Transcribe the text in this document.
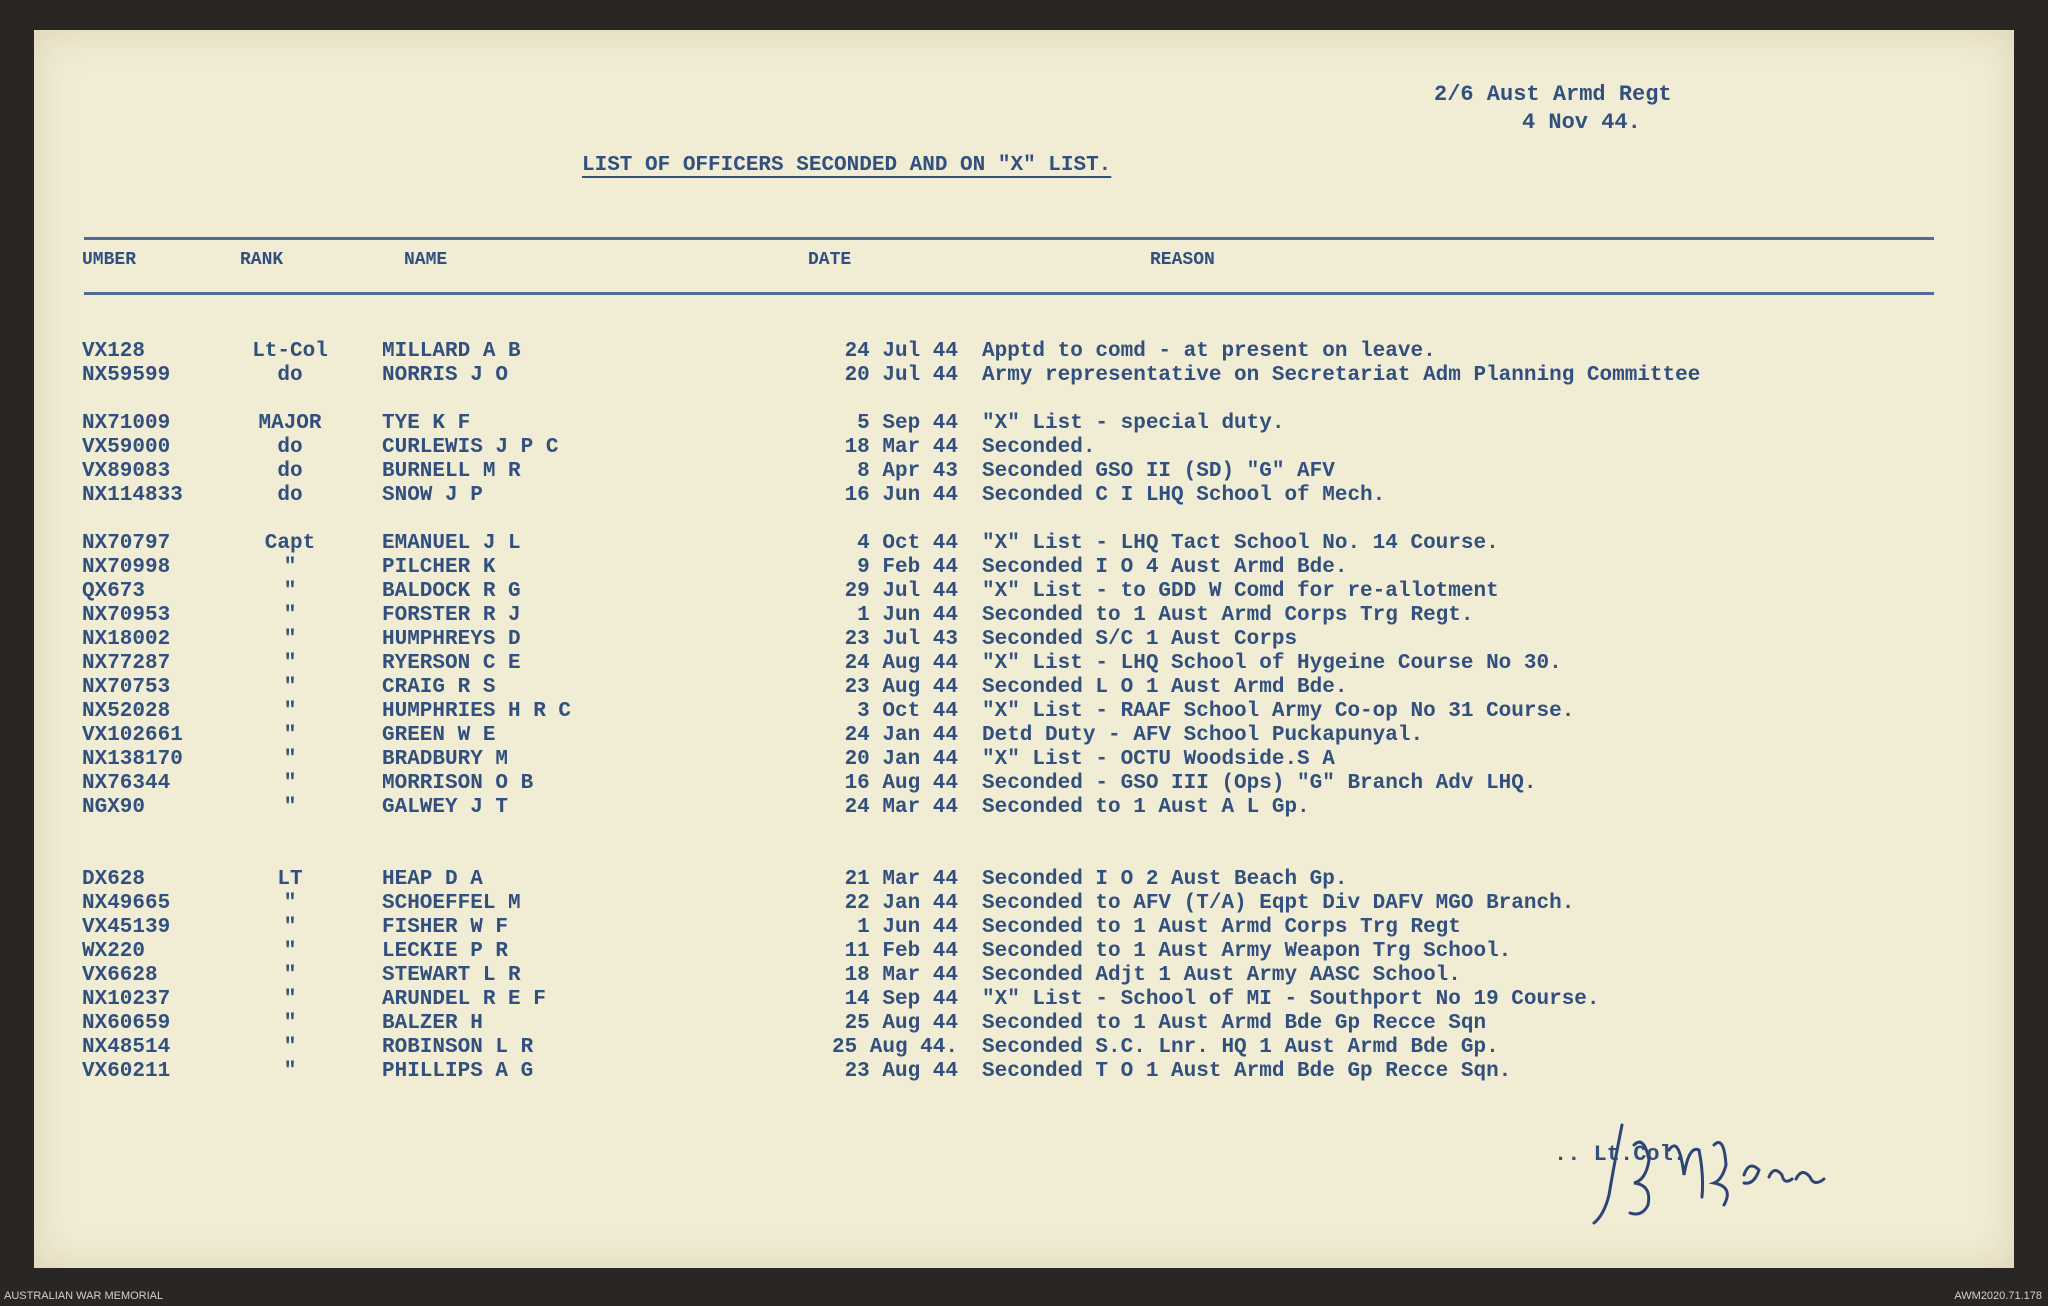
2/6 Aust Armd Regt
4 Nov 44.
LIST OF OFFICERS SECONDED AND ON "X" LIST.
UMBER	RANK	NAME	DATE	REASON
VX128	Lt-Col	MILLARD A B	24 Jul 44 Apptd to comd - at present on leave.
NX59599	do	NORRIS J O	20 Jul 44 Army representative on Secretariat Adm Planning Committee
NX71009	MAJOR	TYE K F	5 Sep 44 "X" List - special duty.
VX59000	do	CURLEWIS J P C	18 Mar 44 Seconded.
VX89083	do	BURNELL M R	8 Apr 43 Seconded GSO II (SD) "G" AFV
NX114833	do	SNOW J P	16 Jun 44 Seconded C I LHQ School of Mech.
NX70797	Capt	EMANUEL J L	4 Oct 44 "X" List - LHQ Tact School No. 14 Course.
NX70998	"	PILCHER K	9 Feb 44 Seconded I O 4 Aust Armd Bde.
QX673	"	BALDOCK R G	29 Jul 44 "X" List - to GDD W Comd for re-allotment
NX70953	"	FORSTER R J	1 Jun 44 Seconded to 1 Aust Armd Corps Trg Regt.
NX18002	"	HUMPHREYS D	23 Jul 43 Seconded S/C 1 Aust Corps
NX77287	"	RYERSON C E	24 Aug 44 "X" List - LHQ School of Hygeine Course No 30.
NX70753	"	CRAIG R S	23 Aug 44 Seconded L O 1 Aust Armd Bde.
NX52028	"	HUMPHRIES H R C	3 Oct 44 "X" List - RAAF School Army Co-op No 31 Course.
VX102661	"	GREEN W E	24 Jan 44 Detd Duty - AFV School Puckapunyal.
NX138170	"	BRADBURY M	20 Jan 44 "X" List - OCTU Woodside.S A
NX76344	"	MORRISON O B	16 Aug 44 Seconded - GSO III (Ops) "G" Branch Adv LHQ.
NGX90	"	GALWEY J T	24 Mar 44 Seconded to 1 Aust A L Gp.
DX628	LT	HEAP D A	21 Mar 44 Seconded I O 2 Aust Beach Gp.
NX49665	"	SCHOEFFEL M	22 Jan 44 Seconded to AFV (T/A) Eqpt Div DAFV MGO Branch.
VX45139	"	FISHER W F	1 Jun 44 Seconded to 1 Aust Armd Corps Trg Regt
WX220	"	LECKIE P R	11 Feb 44 Seconded to 1 Aust Army Weapon Trg School.
VX6628	"	STEWART L R	18 Mar 44 Seconded Adjt 1 Aust Army AASC School.
NX10237	"	ARUNDEL R E F	14 Sep 44 "X" List - School of MI - Southport No 19 Course.
NX60659	"	BALZER H	25 Aug 44 Seconded to 1 Aust Armd Bde Gp Recce Sqn
NX48514	"	ROBINSON L R	25 Aug 44. Seconded S.C. Lnr. HQ 1 Aust Armd Bde Gp.
VX60211	"	PHILLIPS A G	23 Aug 44 Seconded T O 1 Aust Armd Bde Gp Recce Sqn.
.. Lt.Col.
AUSTRALIAN WAR MEMORIAL	AWM2020.71.178
